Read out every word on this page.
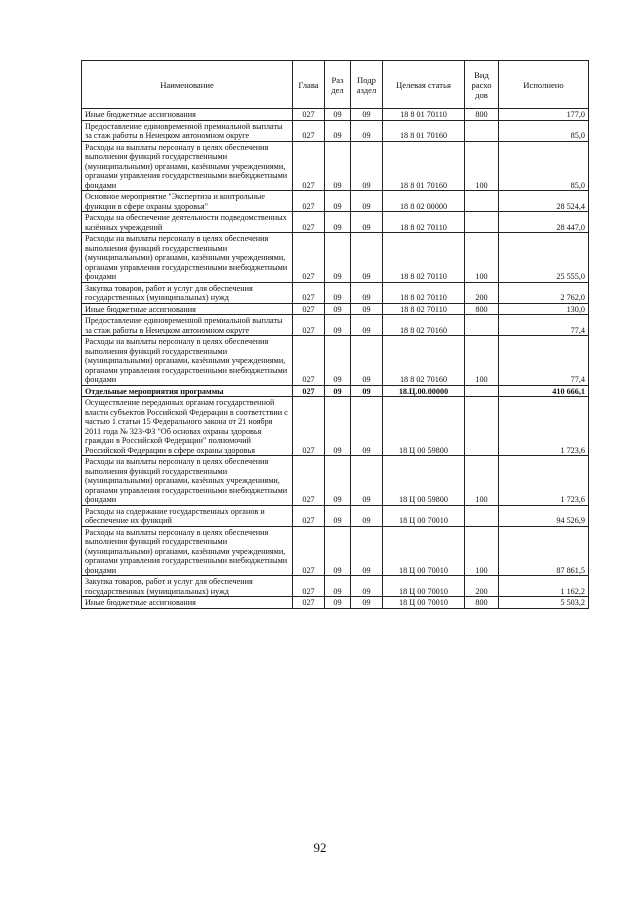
Наименование	Глава	Раз дел	Подр аздел	Целевая статья	Вид расхо дов	Исполнено
Иные бюджетные ассигнования	027	09	09	18 8 01 70110	800	177,0
Предоставление единовременной премиальной выплаты за стаж работы в Ненецком автономном округе	027	09	09	18 8 01 70160		85,0
Расходы на выплаты персоналу в целях обеспечения выполнения функций государственными (муниципальными) органами, казёнными учреждениями, органами управления государственными внебюджетными фондами	027	09	09	18 8 01 70160	100	85,0
Основное мероприятие "Экспертиза и контрольные функции в сфере охраны здоровья"	027	09	09	18 8 02 00000		28 524,4
Расходы на обеспечение деятельности подведомственных казённых учреждений	027	09	09	18 8 02 70110		28 447,0
Расходы на выплаты персоналу в целях обеспечения выполнения функций государственными (муниципальными) органами, казёнными учреждениями, органами управления государственными внебюджетными фондами	027	09	09	18 8 02 70110	100	25 555,0
Закупка товаров, работ и услуг для обеспечения государственных (муниципальных) нужд	027	09	09	18 8 02 70110	200	2 762,0
Иные бюджетные ассигнования	027	09	09	18 8 02 70110	800	130,0
Предоставление единовременной премиальной выплаты за стаж работы в Ненецком автономном округе	027	09	09	18 8 02 70160		77,4
Расходы на выплаты персоналу в целях обеспечения выполнения функций государственными (муниципальными) органами, казёнными учреждениями, органами управления государственными внебюджетными фондами	027	09	09	18 8 02 70160	100	77,4
Отдельные мероприятия программы	027	09	09	18.Ц.00.00000		410 666,1
Осуществление переданных органам государственной власти субъектов Российской Федерации в соответствии с частью 1 статьи 15 Федерального закона от 21 ноября 2011 года № 323-ФЗ "Об основах охраны здоровья граждан в Российской Федерации" полномочий Российской Федерации в сфере охраны здоровья	027	09	09	18 Ц 00 59800		1 723,6
Расходы на выплаты персоналу в целях обеспечения выполнения функций государственными (муниципальными) органами, казённых учреждениями, органами управления государственными внебюджетными фондами	027	09	09	18 Ц 00 59800	100	1 723,6
Расходы на содержание государственных органов и обеспечение их функций	027	09	09	18 Ц 00 70010		94 526,9
Расходы на выплаты персоналу в целях обеспечения выполнения функций государственными (муниципальными) органами, казёнными учреждениями, органами управления государственными внебюджетными фондами	027	09	09	18 Ц 00 70010	100	87 861,5
Закупка товаров, работ и услуг для обеспечения государственных (муниципальных) нужд	027	09	09	18 Ц 00 70010	200	1 162,2
Иные бюджетные ассигнования	027	09	09	18 Ц 00 70010	800	5 503,2
92
